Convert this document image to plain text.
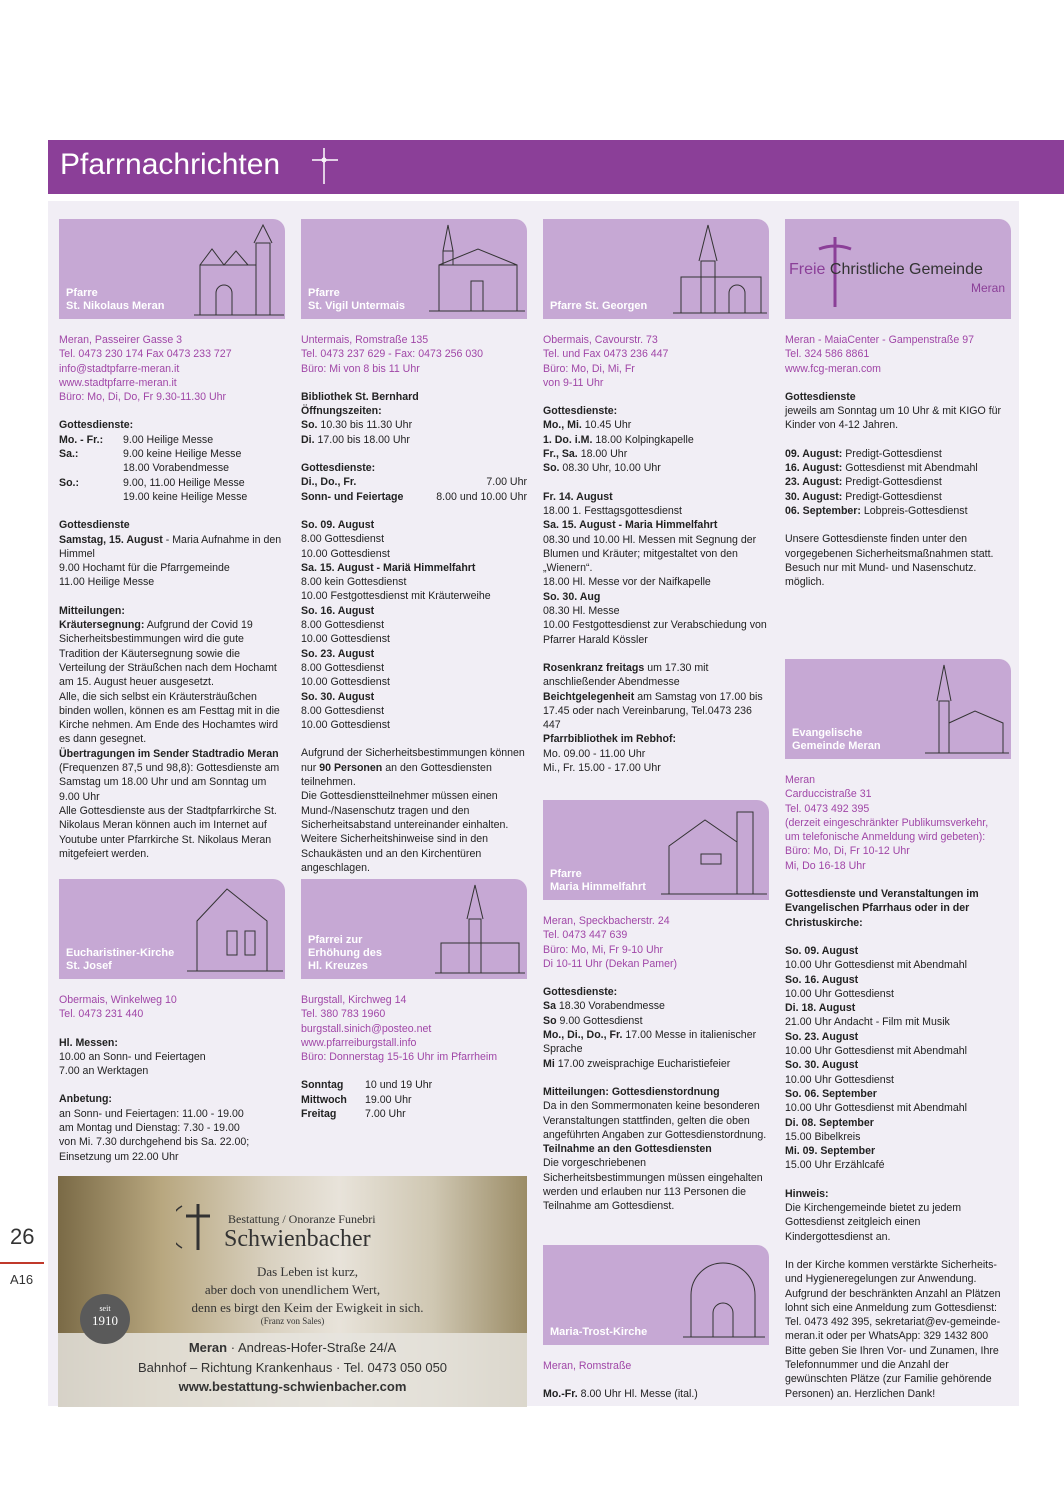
26
A16
Pfarrnachrichten
Pfarre
St. Nikolaus Meran
Meran, Passeirer Gasse 3
Tel. 0473 230 174 Fax 0473 233 727
info@stadtpfarre-meran.it
www.stadtpfarre-meran.it
Büro: Mo, Di, Do, Fr 9.30-11.30 Uhr
Gottesdienste:
Mo. - Fr.:	9.00 Heilige Messe
Sa.:	9.00 keine Heilige Messe
18.00 Vorabendmesse
So.:	9.00, 11.00 Heilige Messe
19.00 keine Heilige Messe
Gottesdienste
Samstag, 15. August - Maria Aufnahme in den Himmel
9.00 Hochamt für die Pfarrgemeinde
11.00 Heilige Messe
Mitteilungen:
Kräutersegnung: Aufgrund der Covid 19 Sicherheitsbestimmungen wird die gute Tradition der Käutersegnung sowie die Verteilung der Sträußchen nach dem Hochamt am 15. August heuer ausgesetzt.
Alle, die sich selbst ein Kräutersträußchen binden wollen, können es am Festtag mit in die Kirche nehmen. Am Ende des Hochamtes wird es dann gesegnet.
Übertragungen im Sender Stadtradio Meran (Frequenzen 87,5 und 98,8): Gottesdienste am Samstag um 18.00 Uhr und am Sonntag um 9.00 Uhr
Alle Gottesdienste aus der Stadtpfarrkirche St. Nikolaus Meran können auch im Internet auf Youtube unter Pfarrkirche St. Nikolaus Meran mitgefeiert werden.
Eucharistiner-Kirche
St. Josef
Obermais, Winkelweg 10
Tel. 0473 231 440
Hl. Messen:
10.00 an Sonn- und Feiertagen
7.00 an Werktagen
Anbetung:
an Sonn- und Feiertagen: 11.00 - 19.00
am Montag und Dienstag: 7.30 - 19.00
von Mi. 7.30 durchgehend bis Sa. 22.00;
Einsetzung um 22.00 Uhr
Pfarre
St. Vigil Untermais
Untermais, Romstraße 135
Tel. 0473 237 629 - Fax: 0473 256 030
Büro: Mi von 8 bis 11 Uhr
Bibliothek St. Bernhard
Öffnungszeiten:
So. 10.30 bis 11.30 Uhr
Di. 17.00 bis 18.00 Uhr
Gottesdienste:
Di., Do., Fr.	7.00 Uhr
Sonn- und Feiertage	8.00 und 10.00 Uhr
So. 09. August
8.00 Gottesdienst
10.00 Gottesdienst
Sa. 15. August - Mariä Himmelfahrt
8.00 kein Gottesdienst
10.00 Festgottesdienst mit Kräuterweihe
So. 16. August
8.00 Gottesdienst
10.00 Gottesdienst
So. 23. August
8.00 Gottesdienst
10.00 Gottesdienst
So. 30. August
8.00 Gottesdienst
10.00 Gottesdienst
Aufgrund der Sicherheitsbestimmungen können nur 90 Personen an den Gottesdiensten teilnehmen.
Die Gottesdienstteilnehmer müssen einen Mund-/Nasenschutz tragen und den Sicherheitsabstand untereinander einhalten. Weitere Sicherheitshinweise sind in den Schaukästen und an den Kirchentüren angeschlagen.
Pfarrei zur
Erhöhung des
Hl. Kreuzes
Burgstall, Kirchweg 14
Tel. 380 783 1960
burgstall.sinich@posteo.net
www.pfarreiburgstall.info
Büro: Donnerstag 15-16 Uhr im Pfarrheim
Sonntag	10 und 19 Uhr
Mittwoch	19.00 Uhr
Freitag	7.00 Uhr
Pfarre St. Georgen
Obermais, Cavourstr. 73
Tel. und Fax 0473 236 447
Büro: Mo, Di, Mi, Fr
von 9-11 Uhr
Gottesdienste:
Mo., Mi. 10.45 Uhr
1. Do. i.M. 18.00 Kolpingkapelle
Fr., Sa. 18.00 Uhr
So. 08.30 Uhr, 10.00 Uhr
Fr. 14. August
18.00 1. Festtagsgottesdienst
Sa. 15. August - Maria Himmelfahrt
08.30 und 10.00 Hl. Messen mit Segnung der Blumen und Kräuter; mitgestaltet von den „Wienern“.
18.00 Hl. Messe vor der Naifkapelle
So. 30. Aug
08.30 Hl. Messe
10.00 Festgottesdienst zur Verabschiedung von Pfarrer Harald Kössler
Rosenkranz freitags um 17.30 mit anschließender Abendmesse
Beichtgelegenheit am Samstag von 17.00 bis 17.45 oder nach Vereinbarung, Tel.0473 236 447
Pfarrbibliothek im Rebhof:
Mo. 09.00 - 11.00 Uhr
Mi., Fr. 15.00 - 17.00 Uhr
Pfarre
Maria Himmelfahrt
Meran, Speckbacherstr. 24
Tel. 0473 447 639
Büro: Mo, Mi, Fr 9-10 Uhr
Di 10-11 Uhr (Dekan Pamer)
Gottesdienste:
Sa 18.30 Vorabendmesse
So 9.00 Gottesdienst
Mo., Di., Do., Fr. 17.00 Messe in italienischer Sprache
Mi 17.00 zweisprachige Eucharistiefeier
Mitteilungen: Gottesdienstordnung
Da in den Sommermonaten keine besonderen Veranstaltungen stattfinden, gelten die oben angeführten Angaben zur Gottesdienstordnung.
Teilnahme an den Gottesdiensten
Die vorgeschriebenen Sicherheitsbestimmungen müssen eingehalten werden und erlauben nur 113 Personen die Teilnahme am Gottesdienst.
Maria-Trost-Kirche
Meran, Romstraße
Mo.-Fr. 8.00 Uhr Hl. Messe (ital.)
Freie Christliche Gemeinde
Meran
Meran - MaiaCenter - Gampenstraße 97
Tel. 324 586 8861
www.fcg-meran.com
Gottesdienste
jeweils am Sonntag um 10 Uhr & mit KIGO für Kinder von 4-12 Jahren.
09. August: Predigt-Gottesdienst
16. August: Gottesdienst mit Abendmahl
23. August: Predigt-Gottesdienst
30. August: Predigt-Gottesdienst
06. September: Lobpreis-Gottesdienst
Unsere Gottesdienste finden unter den vorgegebenen Sicherheitsmaßnahmen statt. Besuch nur mit Mund- und Nasenschutz. möglich.
Evangelische
Gemeinde Meran
Meran
Carduccistraße 31
Tel. 0473 492 395
(derzeit eingeschränkter Publikumsverkehr,
um telefonische Anmeldung wird gebeten):
Büro: Mo, Di, Fr 10-12 Uhr
Mi, Do 16-18 Uhr
Gottesdienste und Veranstaltungen im Evangelischen Pfarrhaus oder in der Christuskirche:
So. 09. August
10.00 Uhr Gottesdienst mit Abendmahl
So. 16. August
10.00 Uhr Gottesdienst
Di. 18. August
21.00 Uhr Andacht - Film mit Musik
So. 23. August
10.00 Uhr Gottesdienst mit Abendmahl
So. 30. August
10.00 Uhr Gottesdienst
So. 06. September
10.00 Uhr Gottesdienst mit Abendmahl
Di. 08. September
15.00 Bibelkreis
Mi. 09. September
15.00 Uhr Erzählcafé
Hinweis:
Die Kirchengemeinde bietet zu jedem Gottesdienst zeitgleich einen Kindergottesdienst an.
In der Kirche kommen verstärkte Sicherheits- und Hygieneregelungen zur Anwendung. Aufgrund der beschränkten Anzahl an Plätzen lohnt sich eine Anmeldung zum Gottesdienst: Tel. 0473 492 395, sekretariat@ev-gemeinde-meran.it oder per WhatsApp: 329 1432 800 Bitte geben Sie Ihren Vor- und Zunamen, Ihre Telefonnummer und die Anzahl der gewünschten Plätze (zur Familie gehörende Personen) an. Herzlichen Dank!
Bestattung / Onoranze Funebri
Schwienbacher
Das Leben ist kurz,
aber doch von unendlichem Wert,
denn es birgt den Keim der Ewigkeit in sich.
(Franz von Sales)
seit
1910
Meran · Andreas-Hofer-Straße 24/A
Bahnhof – Richtung Krankenhaus · Tel. 0473 050 050
www.bestattung-schwienbacher.com
